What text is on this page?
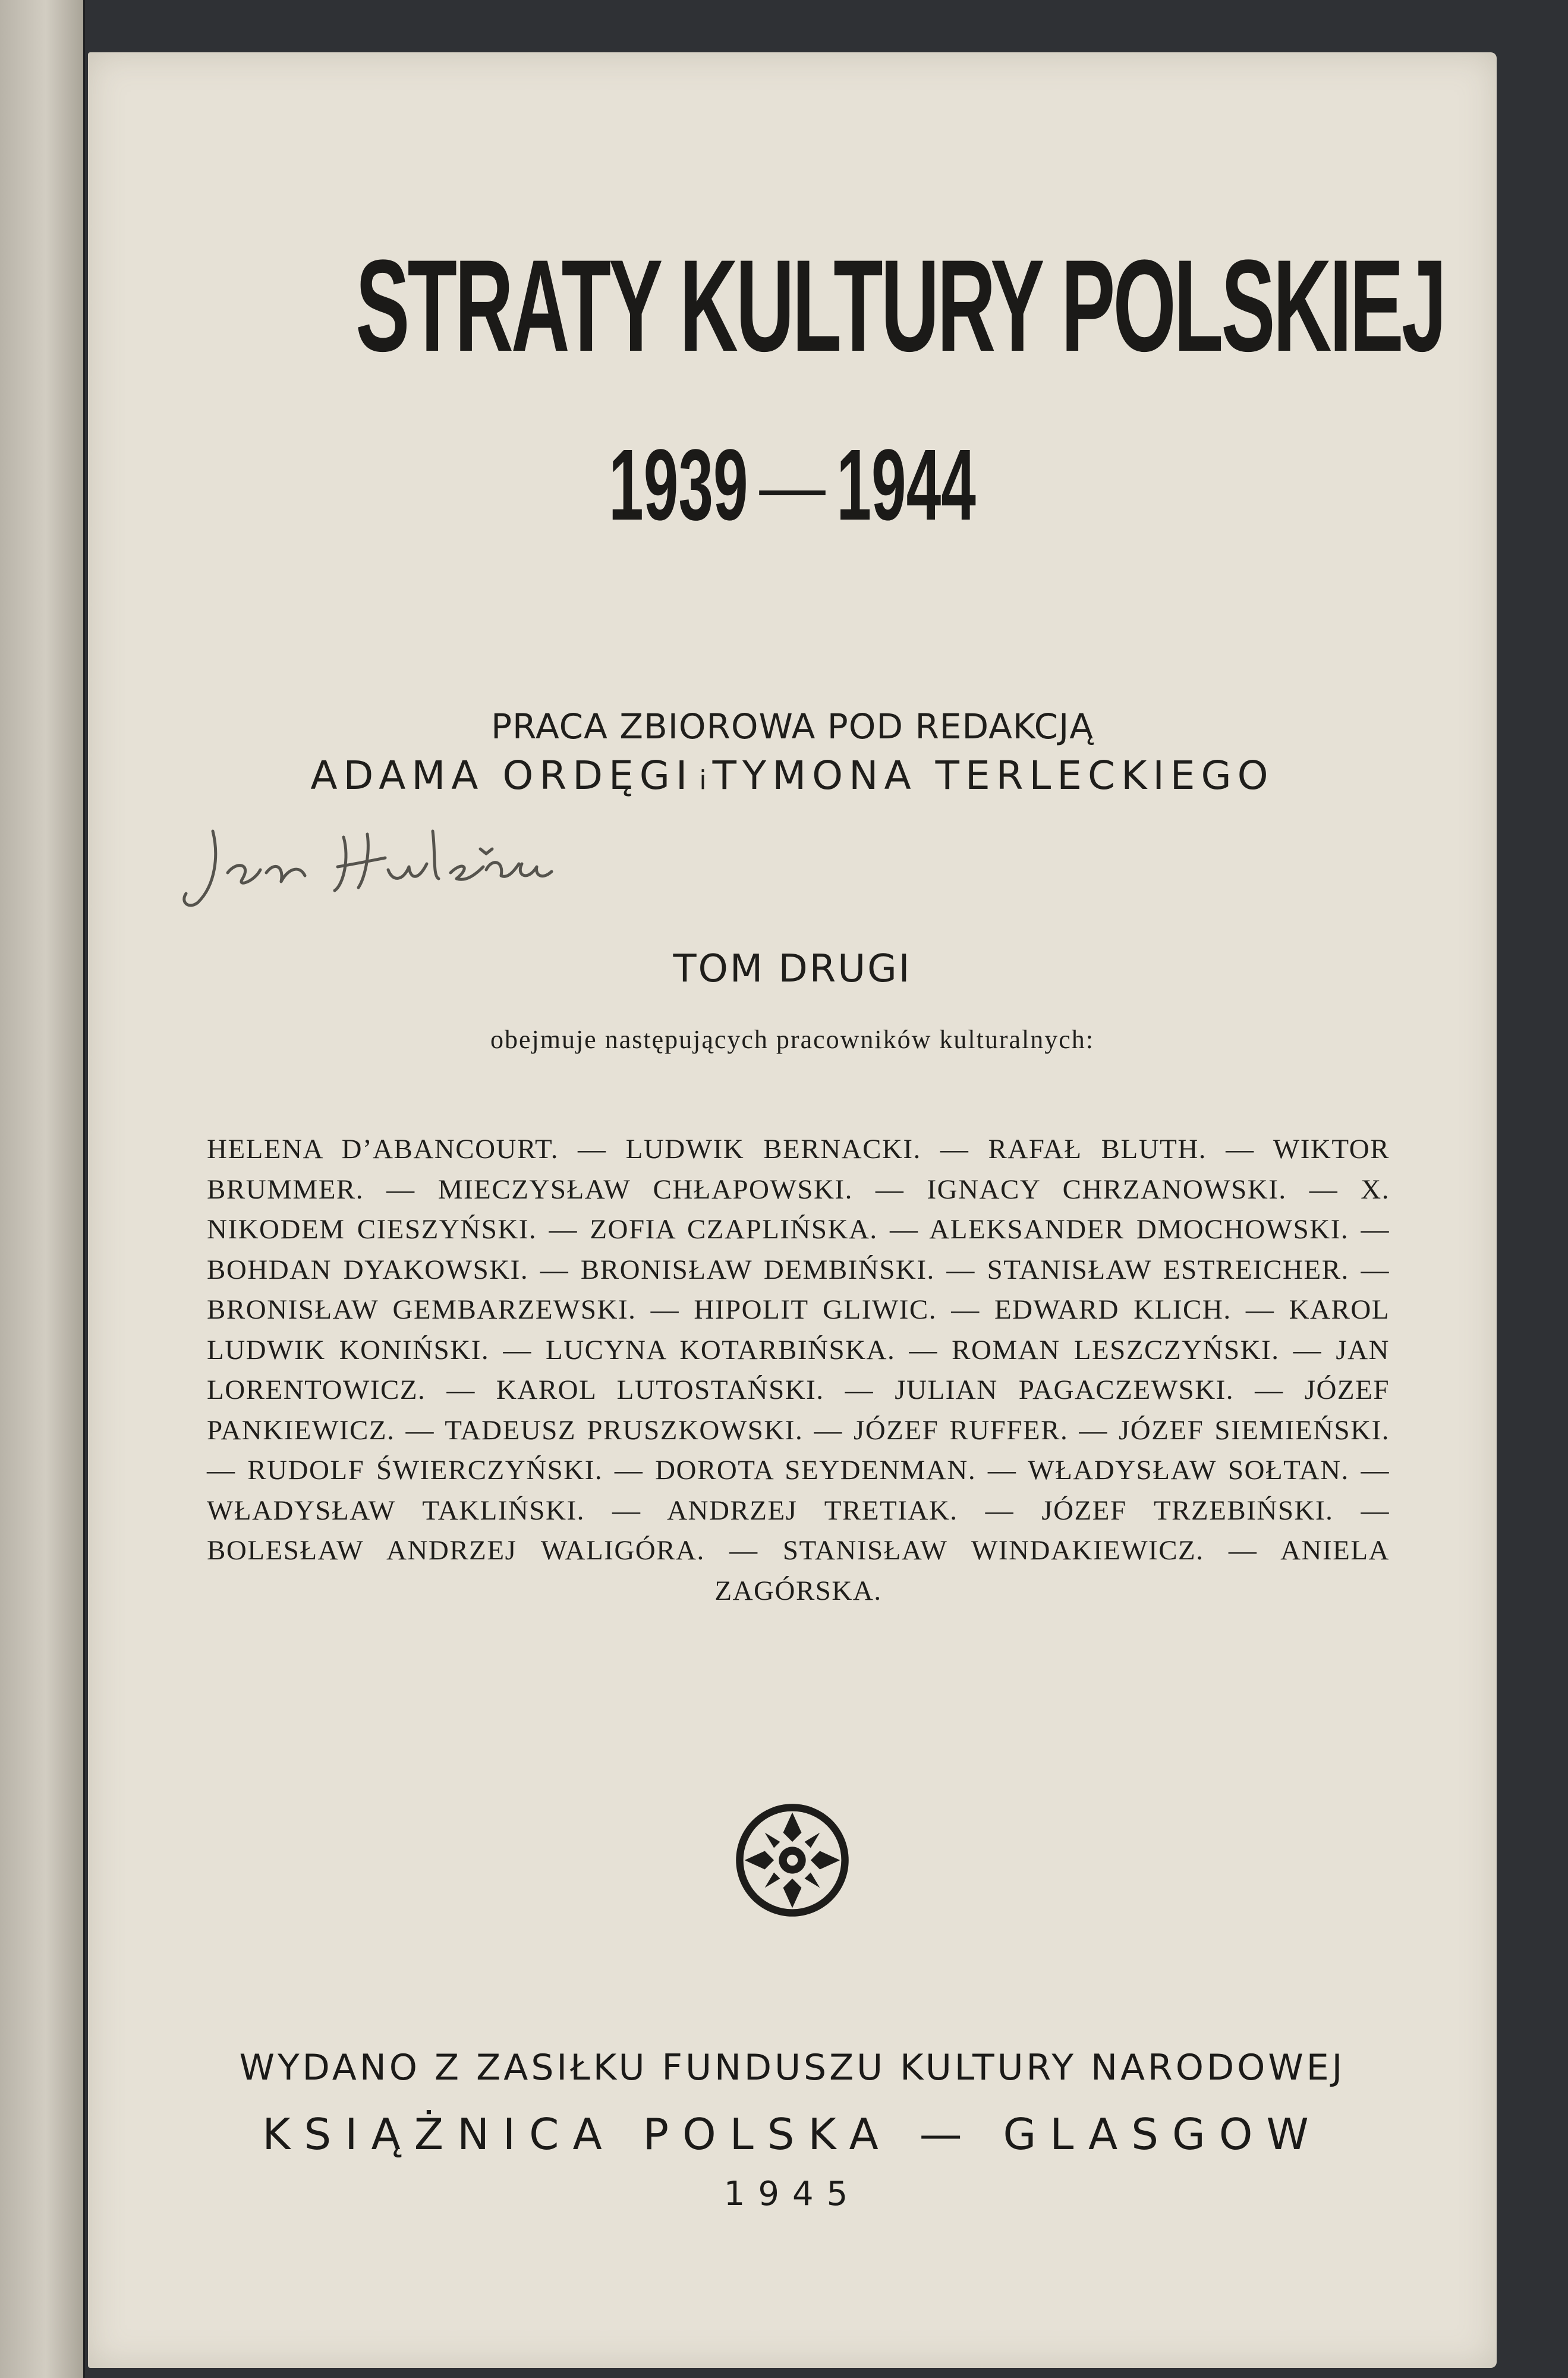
STRATY KULTURY POLSKIEJ
1939 1944
PRACA ZBIOROWA POD REDAKCJĄ
ADAMA ORDĘGI i TYMONA TERLECKIEGO
TOM DRUGI
obejmuje następujących pracowników kulturalnych:

HELENA D’ABANCOURT. — LUDWIK BERNACKI. — RAFAŁ BLUTH. — WIKTOR BRUMMER. — MIECZYSŁAW CHŁAPOWSKI. — IGNACY CHRZANOWSKI. — X. NIKODEM CIESZYŃSKI. — ZOFIA CZAPLIŃSKA. — ALEKSANDER DMOCHOWSKI. — BOHDAN DYAKOWSKI. — BRONISŁAW DEMBIŃSKI. — STANISŁAW ESTREICHER. — BRONISŁAW GEMBARZEWSKI. — HIPOLIT GLIWIC. — EDWARD KLICH. — KAROL LUDWIK KONIŃSKI. — LUCYNA KOTARBIŃSKA. — ROMAN LESZCZYŃSKI. — JAN LORENTOWICZ. — KAROL LUTOSTAŃSKI. — JULIAN PAGACZEWSKI. — JÓZEF PANKIEWICZ. — TADEUSZ PRUSZKOWSKI. — JÓZEF RUFFER. — JÓZEF SIEMIEŃSKI. — RUDOLF ŚWIERCZYŃSKI. — DOROTA SEYDENMAN. — WŁADYSŁAW SOŁTAN. — WŁADYSŁAW TAKLIŃSKI. — ANDRZEJ TRETIAK. — JÓZEF TRZEBIŃSKI. — BOLESŁAW ANDRZEJ WALIGÓRA. — STANISŁAW WINDAKIEWICZ. — ANIELA ZAGÓRSKA.

WYDANO Z ZASIŁKU FUNDUSZU KULTURY NARODOWEJ
KSIĄŻNICA POLSKA — GLASGOW
1945
